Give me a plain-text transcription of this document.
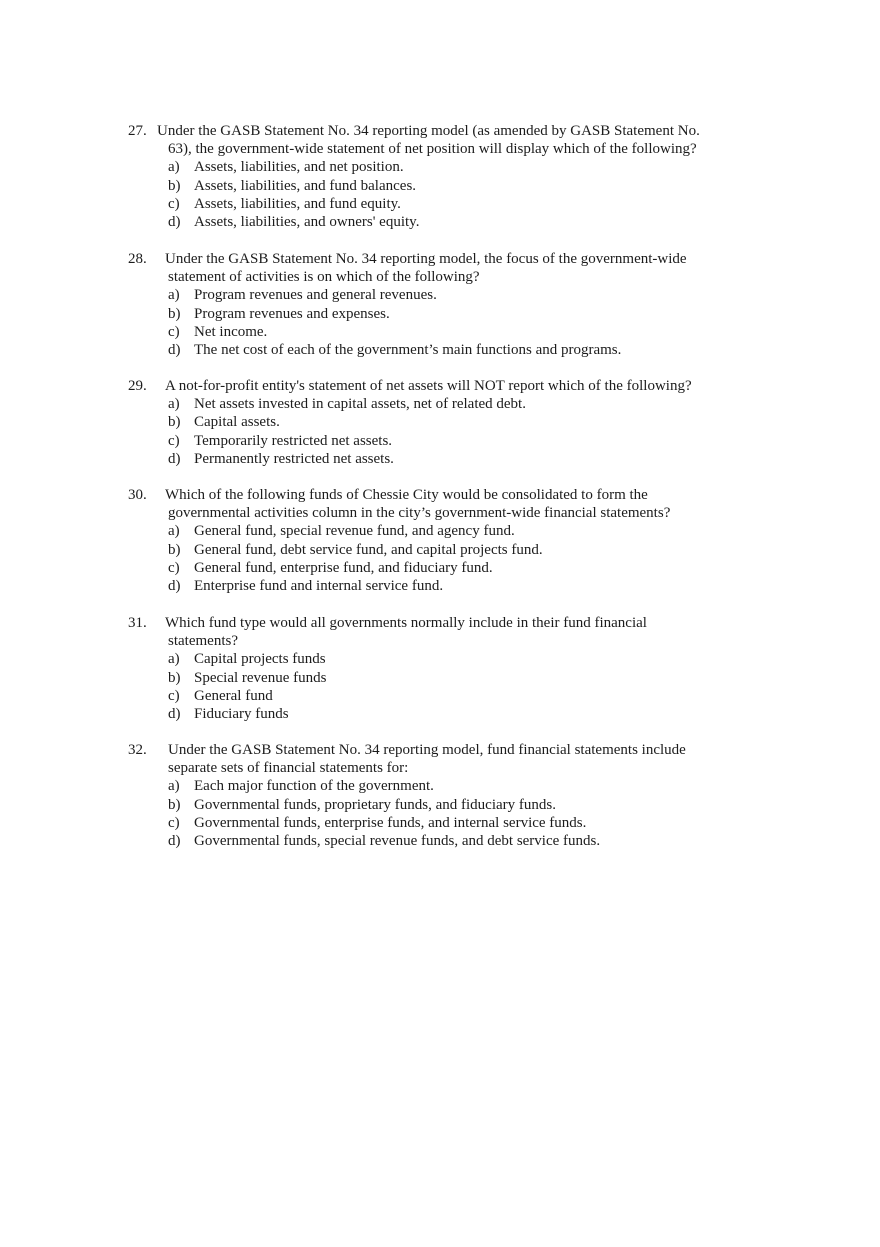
27. Under the GASB Statement No. 34 reporting model (as amended by GASB Statement No.
63), the government-wide statement of net position will display which of the following?
a) Assets, liabilities, and net position.
b) Assets, liabilities, and fund balances.
c) Assets, liabilities, and fund equity.
d) Assets, liabilities, and owners' equity.
28.	Under the GASB Statement No. 34 reporting model, the focus of the government-wide
statement of activities is on which of the following?
a) Program revenues and general revenues.
b) Program revenues and expenses.
c) Net income.
d) The net cost of each of the government’s main functions and programs.
29.	A not-for-profit entity's statement of net assets will NOT report which of the following?
a) Net assets invested in capital assets, net of related debt.
b) Capital assets.
c) Temporarily restricted net assets.
d) Permanently restricted net assets.
30.	Which of the following funds of Chessie City would be consolidated to form the
governmental activities column in the city’s government-wide financial statements?
a) General fund, special revenue fund, and agency fund.
b) General fund, debt service fund, and capital projects fund.
c) General fund, enterprise fund, and fiduciary fund.
d) Enterprise fund and internal service fund.
31.	Which fund type would all governments normally include in their fund financial
statements?
a) Capital projects funds
b) Special revenue funds
c) General fund
d) Fiduciary funds
32.	Under the GASB Statement No. 34 reporting model, fund financial statements include
separate sets of financial statements for:
a) Each major function of the government.
b) Governmental funds, proprietary funds, and fiduciary funds.
c) Governmental funds, enterprise funds, and internal service funds.
d) Governmental funds, special revenue funds, and debt service funds.
